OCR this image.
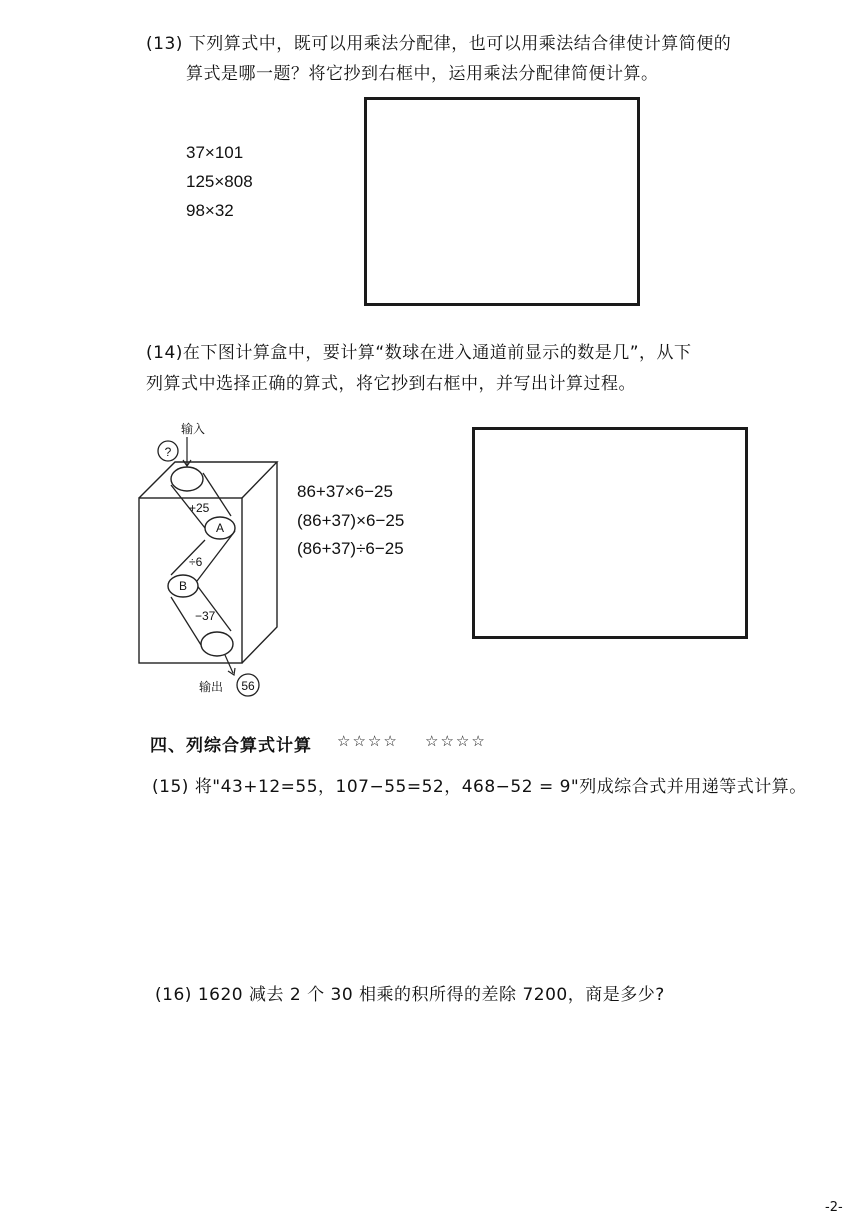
(13) 下列算式中，既可以用乘法分配律，也可以用乘法结合律使计算简便的
算式是哪一题？将它抄到右框中，运用乘法分配律简便计算。
37×101
125×808
98×32
(14)在下图计算盒中，要计算“数球在进入通道前显示的数是几”，从下
列算式中选择正确的算式，将它抄到右框中，并写出计算过程。
?
输入
+25
A
÷6
B
−37
输出 56
86+37×6−25
(86+37)×6−25
(86+37)÷6−25
四、列综合算式计算 ☆☆☆☆ ☆☆☆☆
(15) 将"43+12=55，107−55=52，468−52 = 9"列成综合式并用递等式计算。
(16) 1620 减去 2 个 30 相乘的积所得的差除 7200，商是多少?
-2-
